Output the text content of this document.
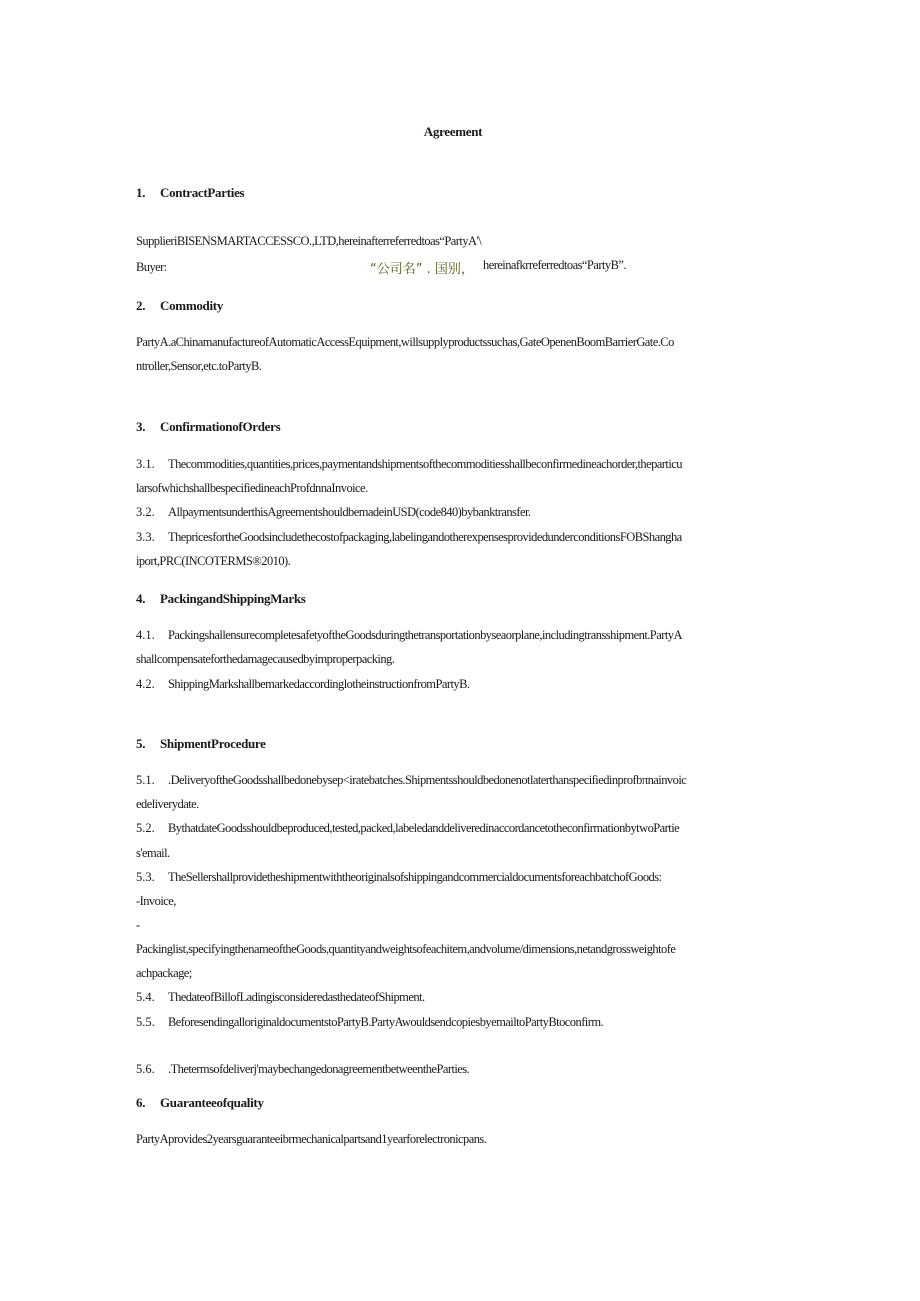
Agreement
1. ContractParties
SupplieriBISENSMARTACCESSCO.,LTD,hereinafterreferredtoas“PartyA'\
Buyer:	“公司名” . 国别， hereinafkrreferredtoas“PartyB”.
2. Commodity
PartyA.aChinamanufactureofAutomaticAccessEquipment,willsupplyproductssuchas,GateOpenenBoomBarrierGate.Co
ntroller,Sensor,etc.toPartyB.
3. ConfirmationofOrders
3.1. Thecommodities,quantities,prices,paymentandshipmentsofthecommoditiesshallbeconfirmedineachorder,theparticu
larsofwhichshallbespecifiedineachProfdnnaInvoice.
3.2. AllpaymentsunderthisAgreementshouldbemadeinUSD(code840)bybanktransfer.
3.3. ThepricesfortheGoodsincludethecostofpackaging,labelingandotherexpensesprovidedunderconditionsFOBShangha
iport,PRC(INCOTERMS®2010).
4. PackingandShippingMarks
4.1. PackingshallensurecompletesafetyoftheGoodsduringthetransportationbyseaorplane,includingtransshipment.PartyA
shallcompensateforthedamagecausedbyimproperpacking.
4.2. ShippingMarkshallbemarkedaccordinglotheinstructionfromPartyB.
5. ShipmentProcedure
5.1. .DeliveryoftheGoodsshallbedonebysep<iratebatches.Shipmentsshouldbedonenotlaterthanspecifiedinprofbπnainvoic
edeliverydate.
5.2. BythatdateGoodsshouldbeproduced,tested,packed,labeledanddeliveredinaccordancetotheconfirmationbytwoPartie
s'email.
5.3. TheSellershallprovidetheshipmentwiththeoriginalsofshippingandcommercialdocumentsforeachbatchofGoods:
-Invoice,
-
Packinglist,specifyingthenameoftheGoods,quantityandweightsofeachitem,andvolume/dimensions,netandgrossweightofe
achpackage;
5.4. ThedateofBillofLadingisconsideredasthedateofShipment.
5.5. BeforesendingalloriginaldocumentstoPartyB.PartyAwouldsendcopiesbyemailtoPartyBtoconfirm.
5.6. .Thetermsofdeliverj'maybechangedonagreementbetweentheParties.
6. Guaranteeofquality
PartyAprovides2yearsguaranteeibrmechanicalpartsand1yearforelectronicpans.
